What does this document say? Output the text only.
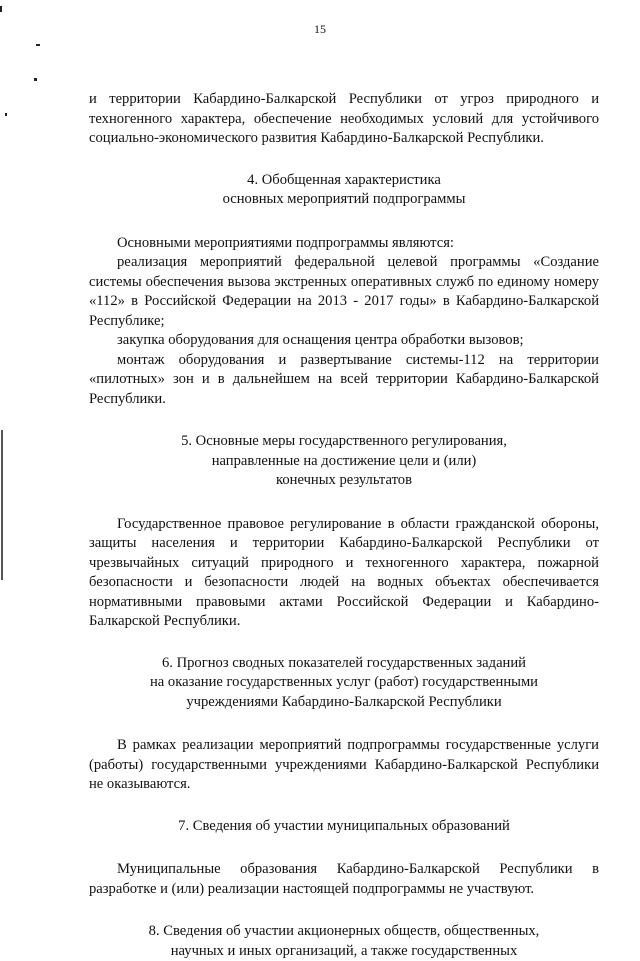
15

и территории Кабардино-Балкарской Республики от угроз природного и техногенного характера, обеспечение необходимых условий для устойчивого социально-экономического развития Кабардино-Балкарской Республики.

4. Обобщенная характеристика
основных мероприятий подпрограммы

Основными мероприятиями подпрограммы являются:

реализация мероприятий федеральной целевой программы «Создание системы обеспечения вызова экстренных оперативных служб по единому номеру «112» в Российской Федерации на 2013 - 2017 годы» в Кабардино-Балкарской Республике;

закупка оборудования для оснащения центра обработки вызовов;

монтаж оборудования и развертывание системы-112 на территории «пилотных» зон и в дальнейшем на всей территории Кабардино-Балкарской Республики.

5. Основные меры государственного регулирования,
направленные на достижение цели и (или)
конечных результатов

Государственное правовое регулирование в области гражданской обороны, защиты населения и территории Кабардино-Балкарской Республики от чрезвычайных ситуаций природного и техногенного характера, пожарной безопасности и безопасности людей на водных объектах обеспечивается нормативными правовыми актами Российской Федерации и Кабардино-Балкарской Республики.

6. Прогноз сводных показателей государственных заданий
на оказание государственных услуг (работ) государственными
учреждениями Кабардино-Балкарской Республики

В рамках реализации мероприятий подпрограммы государственные услуги (работы) государственными учреждениями Кабардино-Балкарской Республики не оказываются.

7. Сведения об участии муниципальных образований

Муниципальные образования Кабардино-Балкарской Республики в разработке и (или) реализации настоящей подпрограммы не участвуют.

8. Сведения об участии акционерных обществ, общественных,
научных и иных организаций, а также государственных
